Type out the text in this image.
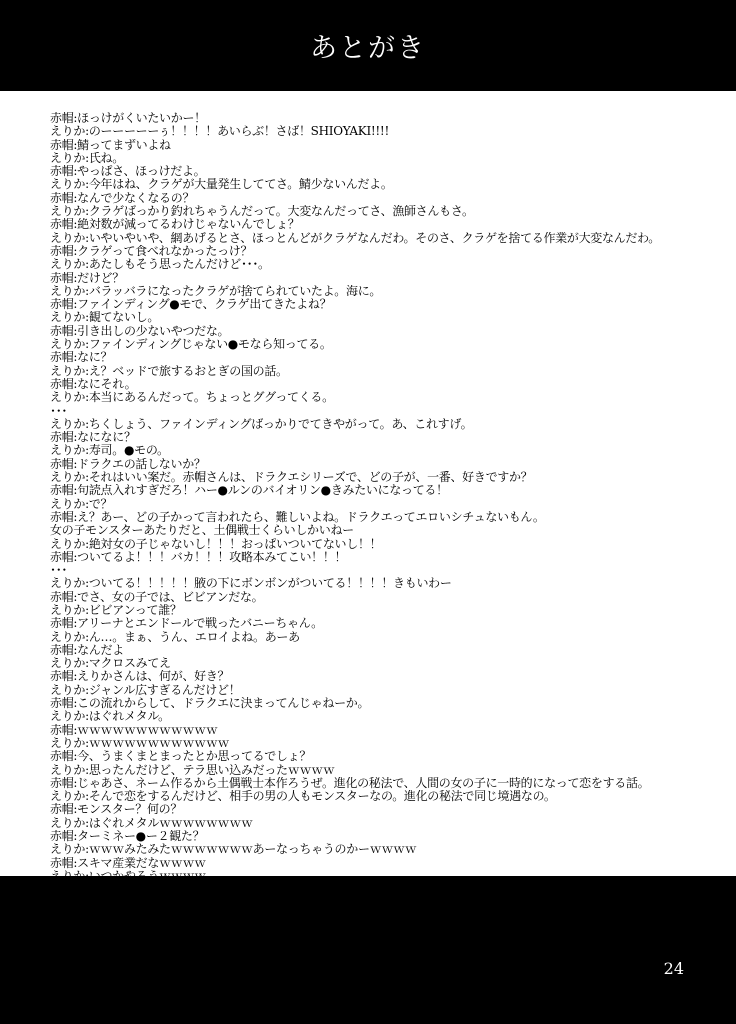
あとがき
赤帽:ほっけがくいたいかー！
えりか:のーーーーーぅ！！！！あいらぶ！さば！SHIOYAKI!!!!
赤帽:鯖ってまずいよね
えりか:氏ね。
赤帽:やっぱさ、ほっけだよ。
えりか:今年はね、クラゲが大量発生しててさ。鯖少ないんだよ。
赤帽:なんで少なくなるの？
えりか:クラゲばっかり釣れちゃうんだって。大変なんだってさ、漁師さんもさ。
赤帽:絶対数が減ってるわけじゃないんでしょ？
えりか:いやいやいや、網あげるとさ、ほっとんどがクラゲなんだわ。そのさ、クラゲを捨てる作業が大変なんだわ。
赤帽:クラゲって食べれなかったっけ？
えりか:あたしもそう思ったんだけど･･･。
赤帽:だけど？
えりか:バラッバラになったクラゲが捨てられていたよ。海に。
赤帽:ファインディング●モで、クラゲ出てきたよね？
えりか:観てないし。
赤帽:引き出しの少ないやつだな。
えりか:ファインディングじゃない●モなら知ってる。
赤帽:なに？
えりか:え？ベッドで旅するおとぎの国の話。
赤帽:なにそれ。
えりか:本当にあるんだって。ちょっとググってくる。
･･･
えりか:ちくしょう、ファインディングばっかりでてきやがって。あ、これすげ。
赤帽:なになに？
えりか:寿司。●モの。
赤帽:ドラクエの話しないか？
えりか:それはいい案だ。赤帽さんは、ドラクエシリーズで、どの子が、一番、好きですか？
赤帽:句読点入れすぎだろ！ハー●ルンのバイオリン●きみたいになってる！
えりか:で？
赤帽:え？あー、どの子かって言われたら、難しいよね。ドラクエってエロいシチュないもん。
女の子モンスターあたりだと、土偶戦士くらいしかいねー
えりか:絶対女の子じゃないし！！！おっぱいついてないし！！
赤帽:ついてるよ！！！バカ！！！攻略本みてこい！！！
･･･
えりか:ついてる！！！！！腋の下にボンボンがついてる！！！！きもいわー
赤帽:でさ、女の子では、ビビアンだな。
えりか:ビビアンって誰？
赤帽:アリーナとエンドールで戦ったバニーちゃん。
えりか:ん…。まぁ、うん、エロイよね。あーあ
赤帽:なんだよ
えりか:マクロスみてえ
赤帽:えりかさんは、何が、好き？
えりか:ジャンル広すぎるんだけど！
赤帽:この流れからして、ドラクエに決まってんじゃねーか。
えりか:はぐれメタル。
赤帽:ｗｗｗｗｗｗｗｗｗｗｗｗ
えりか:ｗｗｗｗｗｗｗｗｗｗｗｗ
赤帽:今、うまくまとまったとか思ってるでしょ？
えりか:思ったんだけど、テラ思い込みだったｗｗｗｗ
赤帽:じゃあさ、ネーム作るから土偶戦士本作ろうぜ。進化の秘法で、人間の女の子に一時的になって恋をする話。
えりか:そんで恋をするんだけど、相手の男の人もモンスターなの。進化の秘法で同じ境遇なの。
赤帽:モンスター？何の？
えりか:はぐれメタルｗｗｗｗｗｗｗｗ
赤帽:ターミネー●ー２観た？
えりか:ｗｗｗみたみたｗｗｗｗｗｗｗあーなっちゃうのかーｗｗｗｗ
赤帽:スキマ産業だなｗｗｗｗ
24
